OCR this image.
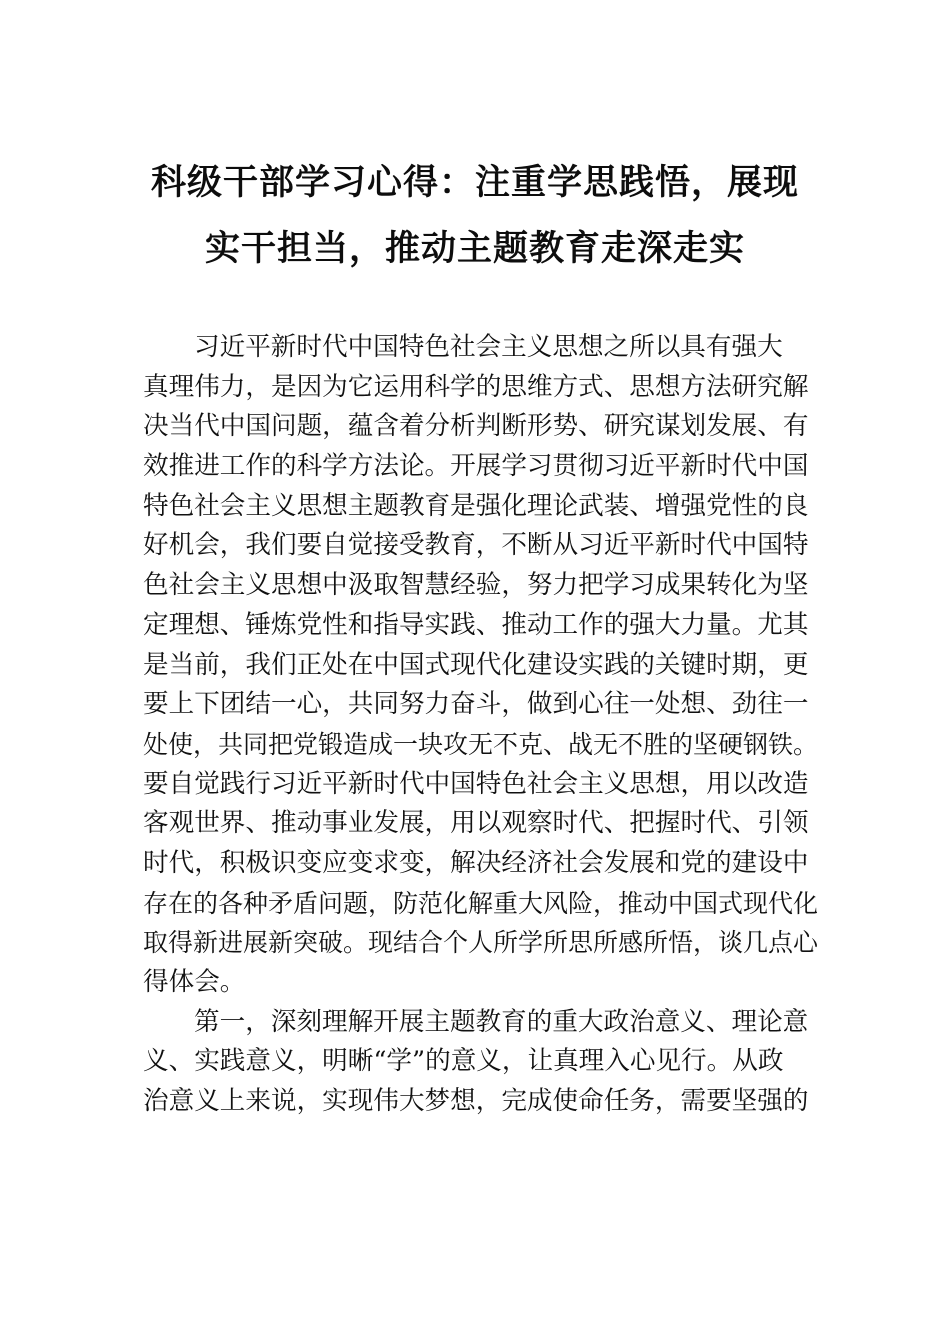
科级干部学习心得：注重学思践悟，展现
实干担当，推动主题教育走深走实
习近平新时代中国特色社会主义思想之所以具有强大
真理伟力，是因为它运用科学的思维方式、思想方法研究解
决当代中国问题，蕴含着分析判断形势、研究谋划发展、有
效推进工作的科学方法论。开展学习贯彻习近平新时代中国
特色社会主义思想主题教育是强化理论武装、增强党性的良
好机会，我们要自觉接受教育，不断从习近平新时代中国特
色社会主义思想中汲取智慧经验，努力把学习成果转化为坚
定理想、锤炼党性和指导实践、推动工作的强大力量。尤其
是当前，我们正处在中国式现代化建设实践的关键时期，更
要上下团结一心，共同努力奋斗，做到心往一处想、劲往一
处使，共同把党锻造成一块攻无不克、战无不胜的坚硬钢铁。
要自觉践行习近平新时代中国特色社会主义思想，用以改造
客观世界、推动事业发展，用以观察时代、把握时代、引领
时代，积极识变应变求变，解决经济社会发展和党的建设中
存在的各种矛盾问题，防范化解重大风险，推动中国式现代化
取得新进展新突破。现结合个人所学所思所感所悟，谈几点心
得体会。
第一，深刻理解开展主题教育的重大政治意义、理论意
义、实践意义，明晰“学”的意义，让真理入心见行。从政
治意义上来说，实现伟大梦想，完成使命任务，需要坚强的
